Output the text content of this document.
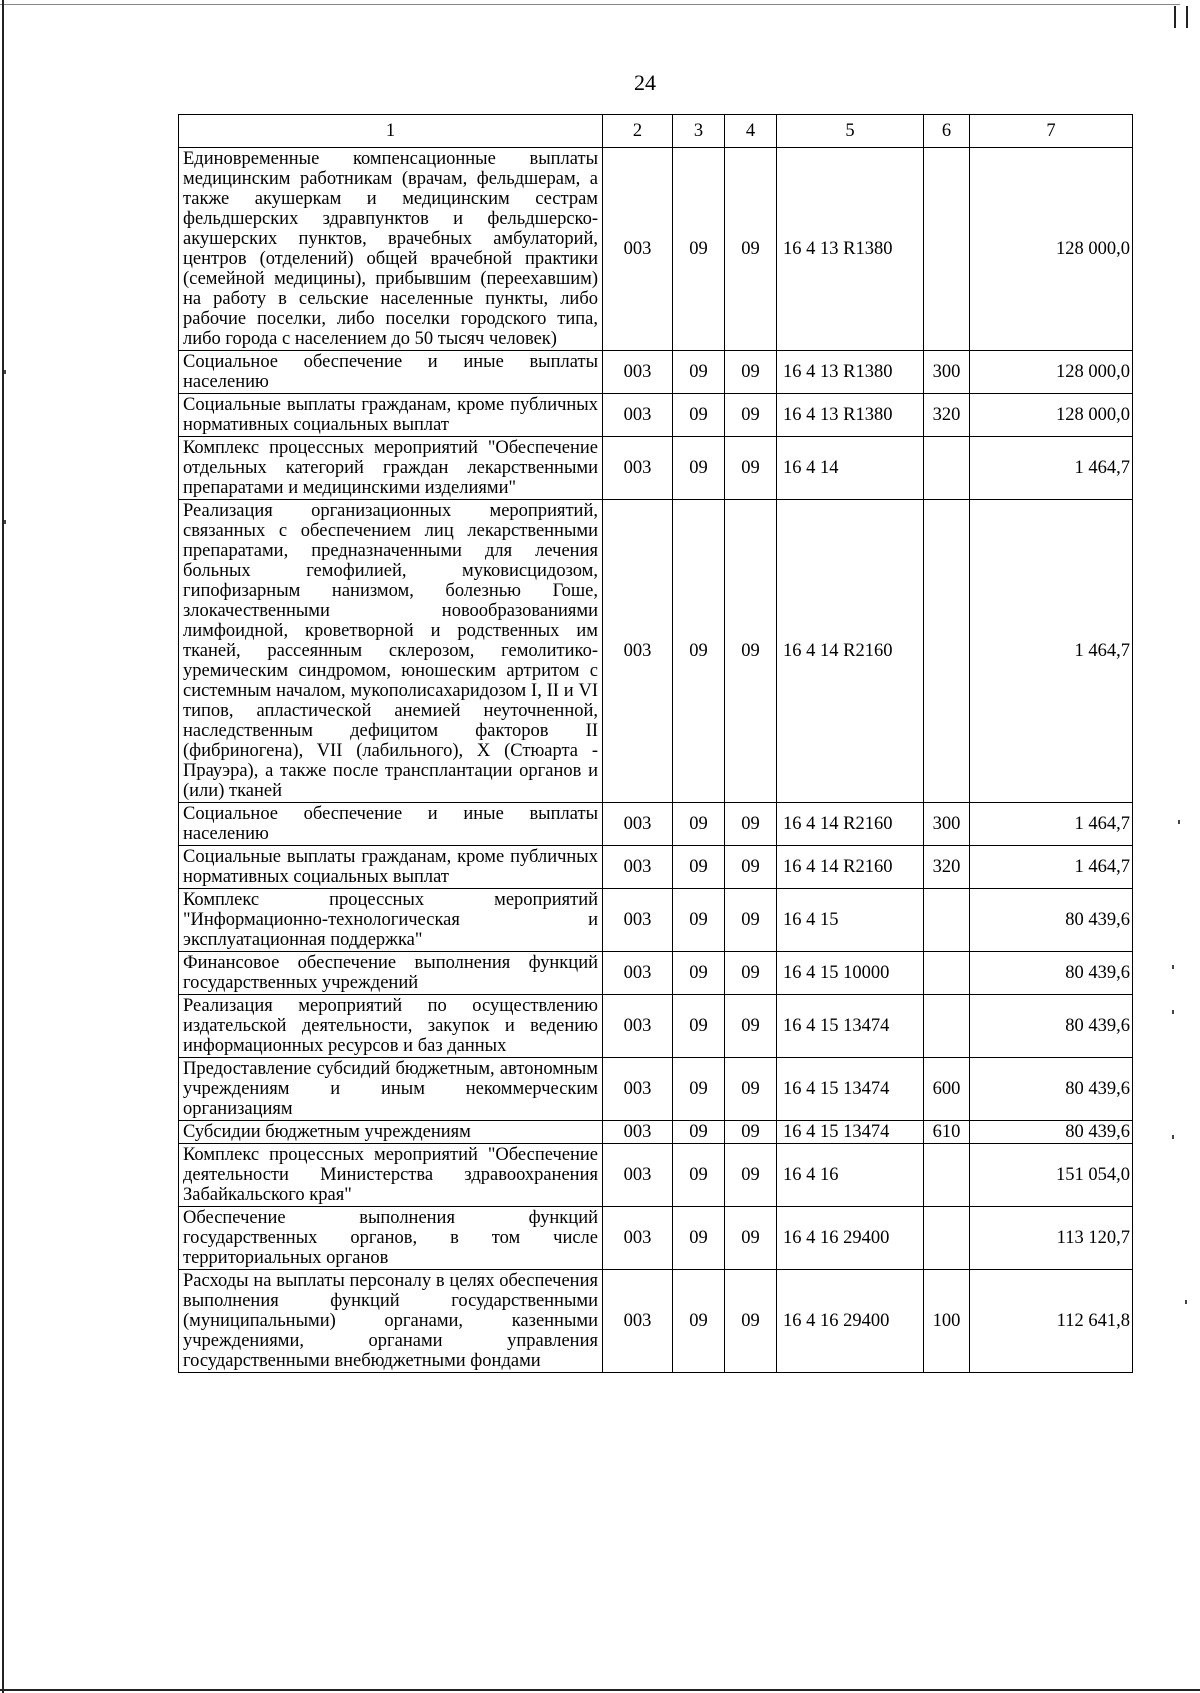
24
1	2	3	4	5	6	7
Единовременные компенсационные выплаты медицинским работникам (врачам, фельдшерам, а также акушеркам и медицинским сестрам фельдшерских здравпунктов и фельдшерско-акушерских пунктов, врачебных амбулаторий, центров (отделений) общей врачебной практики (семейной медицины), прибывшим (переехавшим) на работу в сельские населенные пункты, либо рабочие поселки, либо поселки городского типа, либо города с населением до 50 тысяч человек)	003	09	09	16 4 13 R1380		128 000,0
Социальное обеспечение и иные выплаты населению	003	09	09	16 4 13 R1380	300	128 000,0
Социальные выплаты гражданам, кроме публичных нормативных социальных выплат	003	09	09	16 4 13 R1380	320	128 000,0
Комплекс процессных мероприятий "Обеспечение отдельных категорий граждан лекарственными препаратами и медицинскими изделиями"	003	09	09	16 4 14		1 464,7
Реализация организационных мероприятий, связанных с обеспечением лиц лекарственными препаратами, предназначенными для лечения больных гемофилией, муковисцидозом, гипофизарным нанизмом, болезнью Гоше, злокачественными новообразованиями лимфоидной, кроветворной и родственных им тканей, рассеянным склерозом, гемолитико-уремическим синдромом, юношеским артритом с системным началом, мукополисахаридозом I, II и VI типов, апластической анемией неуточненной, наследственным дефицитом факторов II (фибриногена), VII (лабильного), X (Стюарта - Прауэра), а также после трансплантации органов и (или) тканей	003	09	09	16 4 14 R2160		1 464,7
Социальное обеспечение и иные выплаты населению	003	09	09	16 4 14 R2160	300	1 464,7
Социальные выплаты гражданам, кроме публичных нормативных социальных выплат	003	09	09	16 4 14 R2160	320	1 464,7
Комплекс процессных мероприятий "Информационно-технологическая и эксплуатационная поддержка"	003	09	09	16 4 15		80 439,6
Финансовое обеспечение выполнения функций государственных учреждений	003	09	09	16 4 15 10000		80 439,6
Реализация мероприятий по осуществлению издательской деятельности, закупок и ведению информационных ресурсов и баз данных	003	09	09	16 4 15 13474		80 439,6
Предоставление субсидий бюджетным, автономным учреждениям и иным некоммерческим организациям	003	09	09	16 4 15 13474	600	80 439,6
Субсидии бюджетным учреждениям	003	09	09	16 4 15 13474	610	80 439,6
Комплекс процессных мероприятий "Обеспечение деятельности Министерства здравоохранения Забайкальского края"	003	09	09	16 4 16		151 054,0
Обеспечение выполнения функций государственных органов, в том числе территориальных органов	003	09	09	16 4 16 29400		113 120,7
Расходы на выплаты персоналу в целях обеспечения выполнения функций государственными (муниципальными) органами, казенными учреждениями, органами управления государственными внебюджетными фондами	003	09	09	16 4 16 29400	100	112 641,8
